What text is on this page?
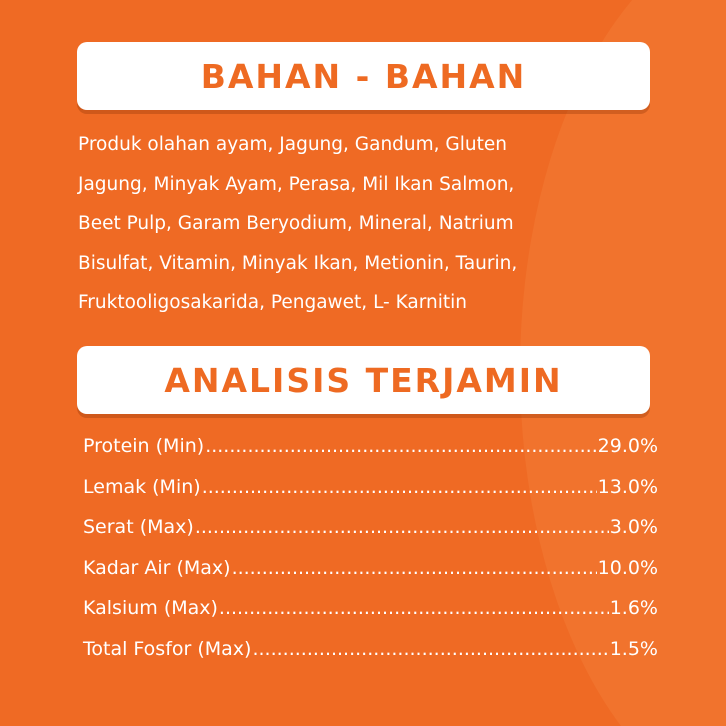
BAHAN - BAHAN
Produk olahan ayam, Jagung, Gandum, Gluten
Jagung, Minyak Ayam, Perasa, Mil Ikan Salmon,
Beet Pulp, Garam Beryodium, Mineral, Natrium
Bisulfat, Vitamin, Minyak Ikan, Metionin, Taurin,
Fruktooligosakarida, Pengawet, L- Karnitin
ANALISIS TERJAMIN
Protein (Min) .....	29.0%
Lemak (Min) .....	13.0%
Serat (Max) .....	3.0%
Kadar Air (Max) .....	10.0%
Kalsium (Max) .....	1.6%
Total Fosfor (Max) .....	1.5%
